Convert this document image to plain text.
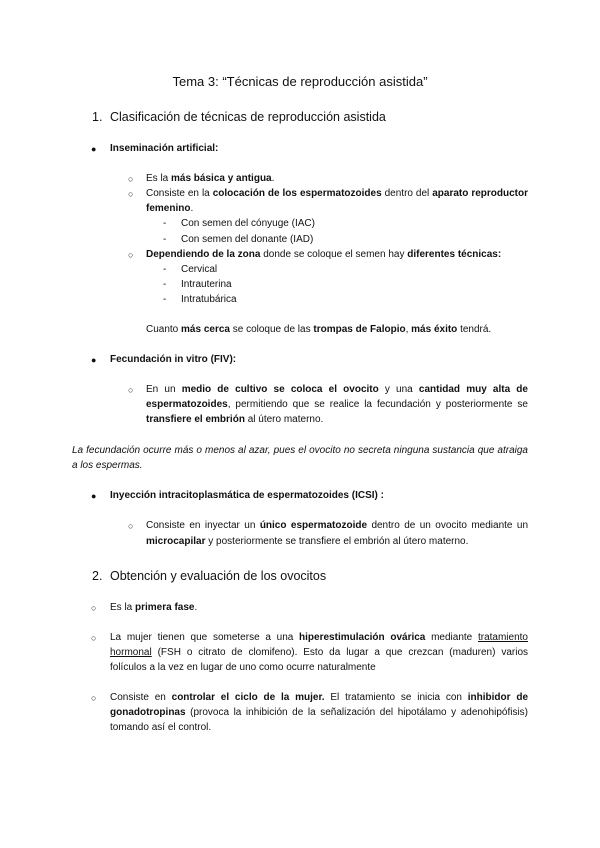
Tema 3: “Técnicas de reproducción asistida”
1. Clasificación de técnicas de reproducción asistida
● Inseminación artificial:
○ Es la más básica y antigua.
○ Consiste en la colocación de los espermatozoides dentro del aparato reproductor
femenino.
- Con semen del cónyuge (IAC)
- Con semen del donante (IAD)
○ Dependiendo de la zona donde se coloque el semen hay diferentes técnicas:
- Cervical
- Intrauterina
- Intratubárica
Cuanto más cerca se coloque de las trompas de Falopio, más éxito tendrá.
● Fecundación in vitro (FIV):
○ En un medio de cultivo se coloca el ovocito y una cantidad muy alta de
espermatozoides, permitiendo que se realice la fecundación y posteriormente se
transfiere el embrión al útero materno.
La fecundación ocurre más o menos al azar, pues el ovocito no secreta ninguna sustancia que atraiga
a los espermas.
● Inyección intracitoplasmática de espermatozoides (ICSI) :
○ Consiste en inyectar un único espermatozoide dentro de un ovocito mediante un
microcapilar y posteriormente se transfiere el embrión al útero materno.
2. Obtención y evaluación de los ovocitos
○ Es la primera fase.
○ La mujer tienen que someterse a una hiperestimulación ovárica mediante tratamiento
hormonal (FSH o citrato de clomifeno). Esto da lugar a que crezcan (maduren) varios
folículos a la vez en lugar de uno como ocurre naturalmente
○ Consiste en controlar el ciclo de la mujer. El tratamiento se inicia con inhibidor de
gonadotropinas (provoca la inhibición de la señalización del hipotálamo y adenohipófisis)
tomando así el control.
